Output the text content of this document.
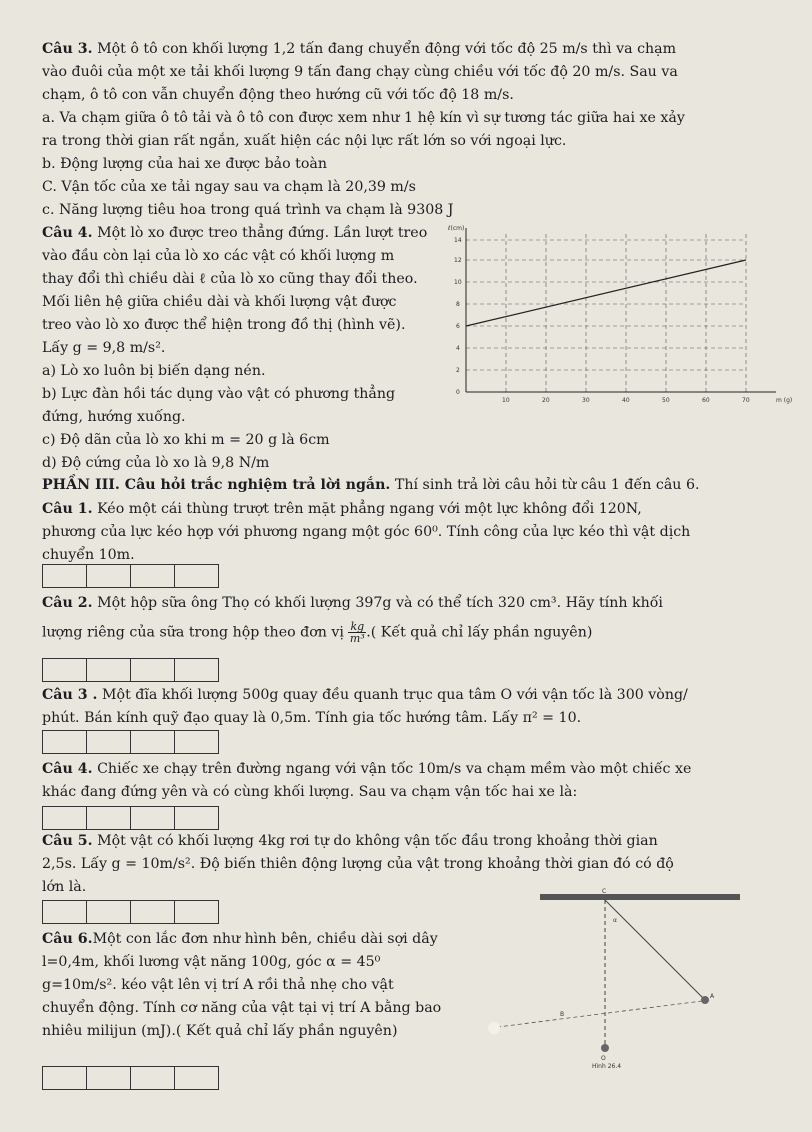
Câu 3. Một ô tô con khối lượng 1,2 tấn đang chuyển động với tốc độ 25 m/s thì va chạm
vào đuôi của một xe tải khối lượng 9 tấn đang chạy cùng chiều với tốc độ 20 m/s. Sau va
chạm, ô tô con vẫn chuyển động theo hướng cũ với tốc độ 18 m/s.
a. Va chạm giữa ô tô tải và ô tô con được xem như 1 hệ kín vì sự tương tác giữa hai xe xảy
ra trong thời gian rất ngắn, xuất hiện các nội lực rất lớn so với ngoại lực.
b. Động lượng của hai xe được bảo toàn
C. Vận tốc của xe tải ngay sau va chạm là 20,39 m/s
c. Năng lượng tiêu hoa trong quá trình va chạm là 9308 J
Câu 4. Một lò xo được treo thẳng đứng. Lần lượt treo
vào đầu còn lại của lò xo các vật có khối lượng m
thay đổi thì chiều dài ℓ của lò xo cũng thay đổi theo.
Mối liên hệ giữa chiều dài và khối lượng vật được
treo vào lò xo được thể hiện trong đồ thị (hình vẽ).
Lấy g = 9,8 m/s².
a) Lò xo luôn bị biến dạng nén.
b) Lực đàn hồi tác dụng vào vật có phương thẳng
đứng, hướng xuống.
c) Độ dãn của lò xo khi m = 20 g là 6cm
d) Độ cứng của lò xo là 9,8 N/m
ℓ(cm)
m (g)
14
12
10
8
6
4
2
0
10	20	30	40	50	60	70
PHẦN III. Câu hỏi trắc nghiệm trả lời ngắn. Thí sinh trả lời câu hỏi từ câu 1 đến câu 6.
Câu 1. Kéo một cái thùng trượt trên mặt phẳng ngang với một lực không đổi 120N,
phương của lực kéo hợp với phương ngang một góc 60⁰. Tính công của lực kéo thì vật dịch
chuyển 10m.
Câu 2. Một hộp sữa ông Thọ có khối lượng 397g và có thể tích 320 cm³. Hãy tính khối
lượng riêng của sữa trong hộp theo đơn vị $\frac{kg}{\text{m³}}$ .( Kết quả chỉ lấy phần nguyên)
Câu 3 . Một đĩa khối lượng 500g quay đều quanh trục qua tâm O với vận tốc là 300 vòng/
phút. Bán kính quỹ đạo quay là 0,5m. Tính gia tốc hướng tâm. Lấy π² = 10.
Câu 4. Chiếc xe chạy trên đường ngang với vận tốc 10m/s va chạm mềm vào một chiếc xe
khác đang đứng yên và có cùng khối lượng. Sau va chạm vận tốc hai xe là:
Câu 5. Một vật có khối lượng 4kg rơi tự do không vận tốc đầu trong khoảng thời gian
2,5s. Lấy g = 10m/s². Độ biến thiên động lượng của vật trong khoảng thời gian đó có độ
lớn là.
Câu 6.Một con lắc đơn như hình bên, chiều dài sợi dây
l=0,4m, khối lương vật năng 100g, góc α = 45⁰
g=10m/s². kéo vật lên vị trí A rồi thả nhẹ cho vật
chuyển động. Tính cơ năng của vật tại vị trí A bằng bao
nhiêu milijun (mJ).( Kết quả chỉ lấy phần nguyên)
C
α
A
B
O
Hình 26.4
